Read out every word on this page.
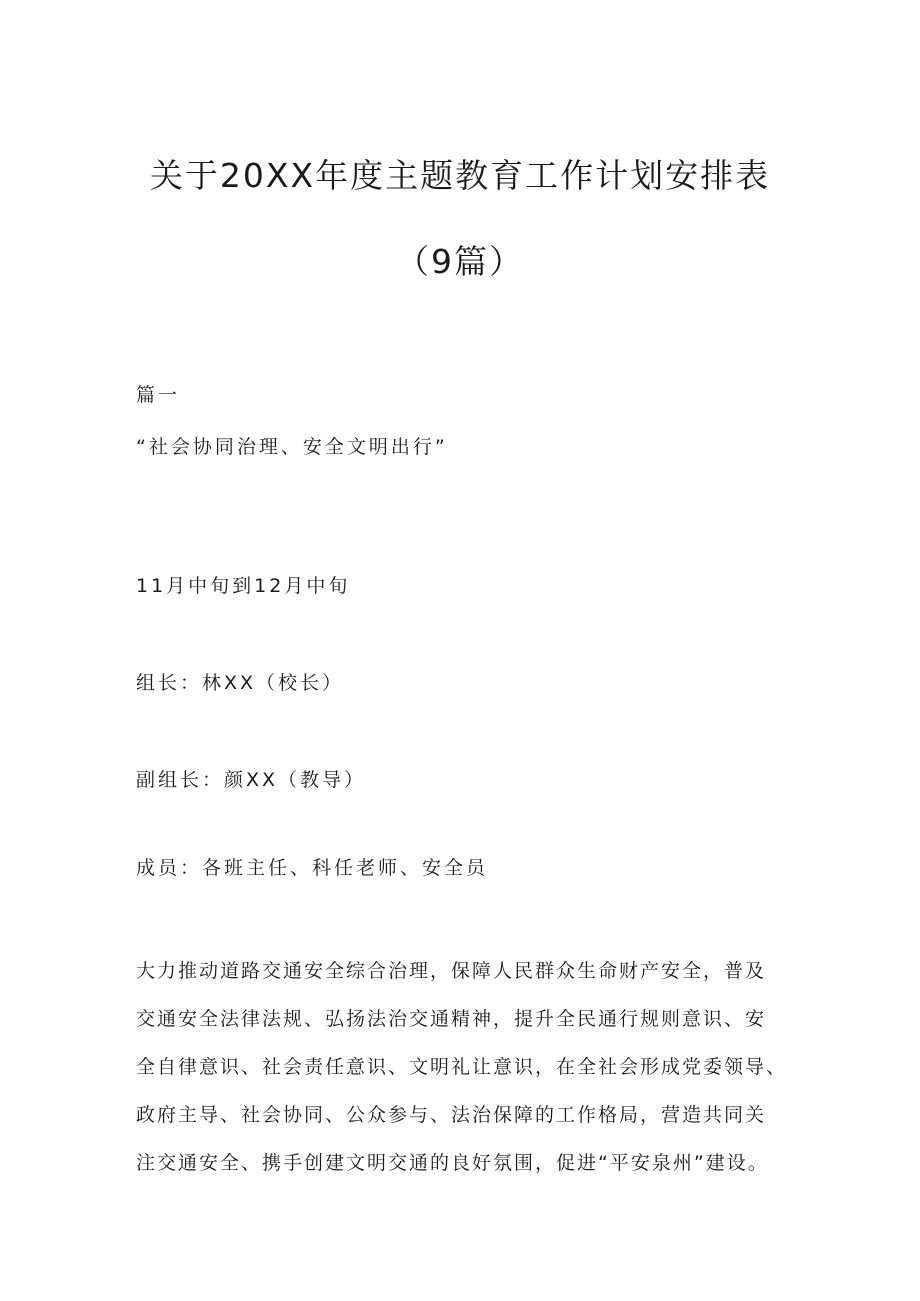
关于20XX年度主题教育工作计划安排表
（9篇）
篇一
“社会协同治理、安全文明出行”
11月中旬到12月中旬
组长：林XX（校长）
副组长：颜XX（教导）
成员：各班主任、科任老师、安全员
大力推动道路交通安全综合治理，保障人民群众生命财产安全，普及
交通安全法律法规、弘扬法治交通精神，提升全民通行规则意识、安
全自律意识、社会责任意识、文明礼让意识，在全社会形成党委领导、
政府主导、社会协同、公众参与、法治保障的工作格局，营造共同关
注交通安全、携手创建文明交通的良好氛围，促进“平安泉州”建设。
